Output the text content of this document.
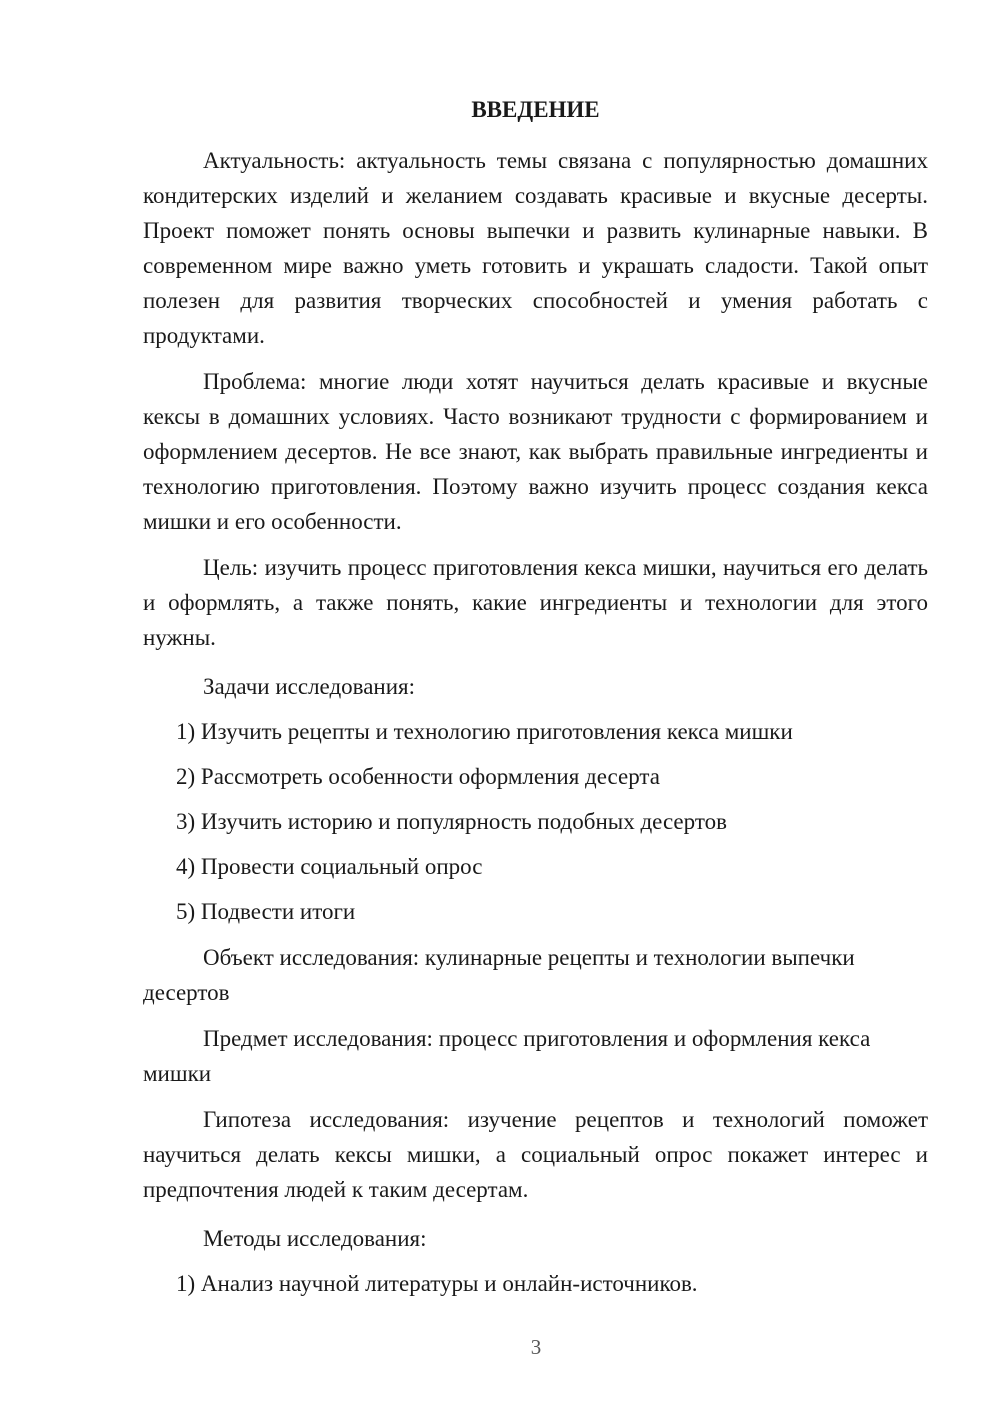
ВВЕДЕНИЕ

Актуальность: актуальность темы связана с популярностью домашних кондитерских изделий и желанием создавать красивые и вкусные десерты. Проект поможет понять основы выпечки и развить кулинарные навыки. В современном мире важно уметь готовить и украшать сладости. Такой опыт полезен для развития творческих способностей и умения работать с продуктами.

Проблема: многие люди хотят научиться делать красивые и вкусные кексы в домашних условиях. Часто возникают трудности с формированием и оформлением десертов. Не все знают, как выбрать правильные ингредиенты и технологию приготовления. Поэтому важно изучить процесс создания кекса мишки и его особенности.

Цель: изучить процесс приготовления кекса мишки, научиться его делать и оформлять, а также понять, какие ингредиенты и технологии для этого нужны.

Задачи исследования:
1) Изучить рецепты и технологию приготовления кекса мишки
2) Рассмотреть особенности оформления десерта
3) Изучить историю и популярность подобных десертов
4) Провести социальный опрос
5) Подвести итоги

Объект исследования: кулинарные рецепты и технологии выпечки десертов

Предмет исследования: процесс приготовления и оформления кекса мишки

Гипотеза исследования: изучение рецептов и технологий поможет научиться делать кексы мишки, а социальный опрос покажет интерес и предпочтения людей к таким десертам.

Методы исследования:
1) Анализ научной литературы и онлайн-источников.
3
